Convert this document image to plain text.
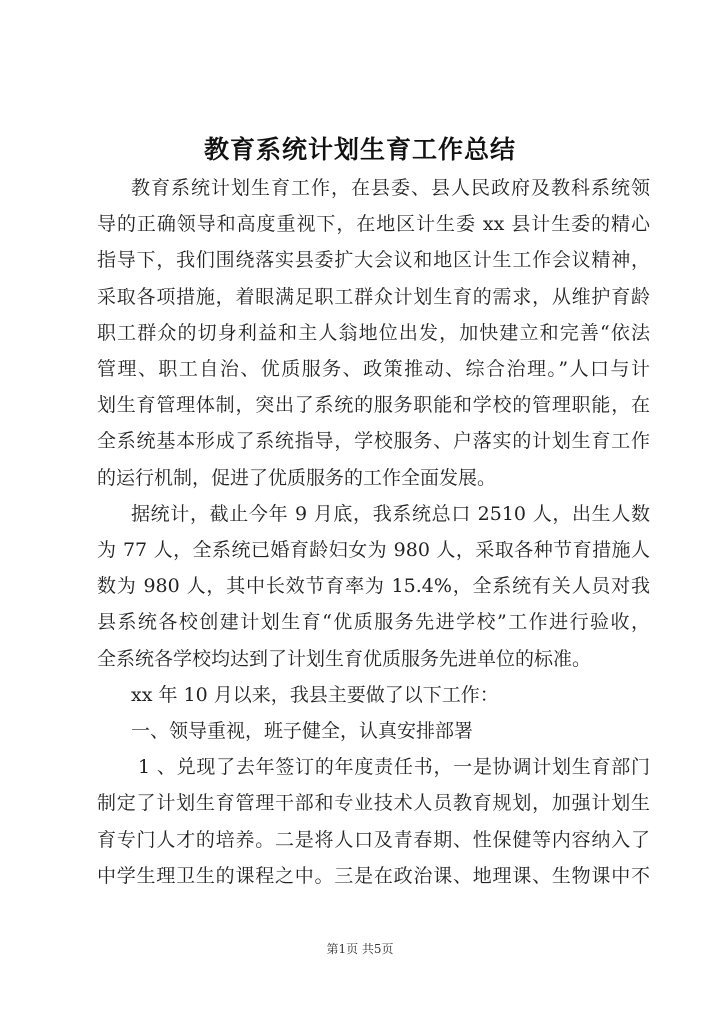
教育系统计划生育工作总结
教育系统计划生育工作，在县委、县人民政府及教科系统领
导的正确领导和高度重视下，在地区计生委 xx 县计生委的精心
指导下，我们围绕落实县委扩大会议和地区计生工作会议精神，
采取各项措施，着眼满足职工群众计划生育的需求，从维护育龄
职工群众的切身利益和主人翁地位出发，加快建立和完善“依法
管理、职工自治、优质服务、政策推动、综合治理。”人口与计
划生育管理体制，突出了系统的服务职能和学校的管理职能，在
全系统基本形成了系统指导，学校服务、户落实的计划生育工作
的运行机制，促进了优质服务的工作全面发展。
据统计，截止今年 9 月底，我系统总口 2510 人，出生人数
为 77 人，全系统已婚育龄妇女为 980 人，采取各种节育措施人
数为 980 人，其中长效节育率为 15.4%，全系统有关人员对我
县系统各校创建计划生育“优质服务先进学校”工作进行验收，
全系统各学校均达到了计划生育优质服务先进单位的标准。
xx 年 10 月以来，我县主要做了以下工作：
一、领导重视，班子健全，认真安排部署
1 、兑现了去年签订的年度责任书，一是协调计划生育部门
制定了计划生育管理干部和专业技术人员教育规划，加强计划生
育专门人才的培养。二是将人口及青春期、性保健等内容纳入了
中学生理卫生的课程之中。三是在政治课、地理课、生物课中不
第1页 共5页
